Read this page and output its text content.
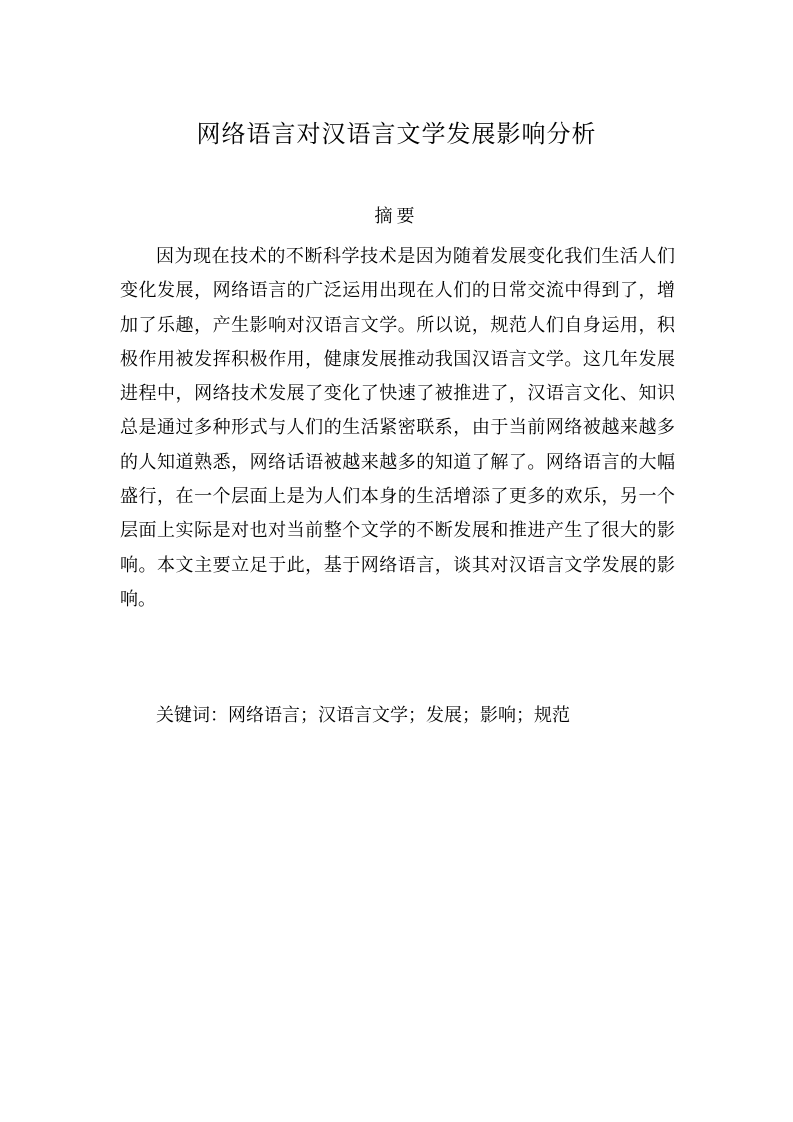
网络语言对汉语言文学发展影响分析
摘要

因为现在技术的不断科学技术是因为随着发展变化我们生活人们变化发展，网络语言的广泛运用出现在人们的日常交流中得到了，增加了乐趣，产生影响对汉语言文学。所以说，规范人们自身运用，积极作用被发挥积极作用，健康发展推动我国汉语言文学。这几年发展进程中，网络技术发展了变化了快速了被推进了，汉语言文化、知识总是通过多种形式与人们的生活紧密联系，由于当前网络被越来越多的人知道熟悉，网络话语被越来越多的知道了解了。网络语言的大幅盛行，在一个层面上是为人们本身的生活增添了更多的欢乐，另一个层面上实际是对也对当前整个文学的不断发展和推进产生了很大的影响。本文主要立足于此，基于网络语言，谈其对汉语言文学发展的影响。

关键词：网络语言；汉语言文学；发展；影响；规范
